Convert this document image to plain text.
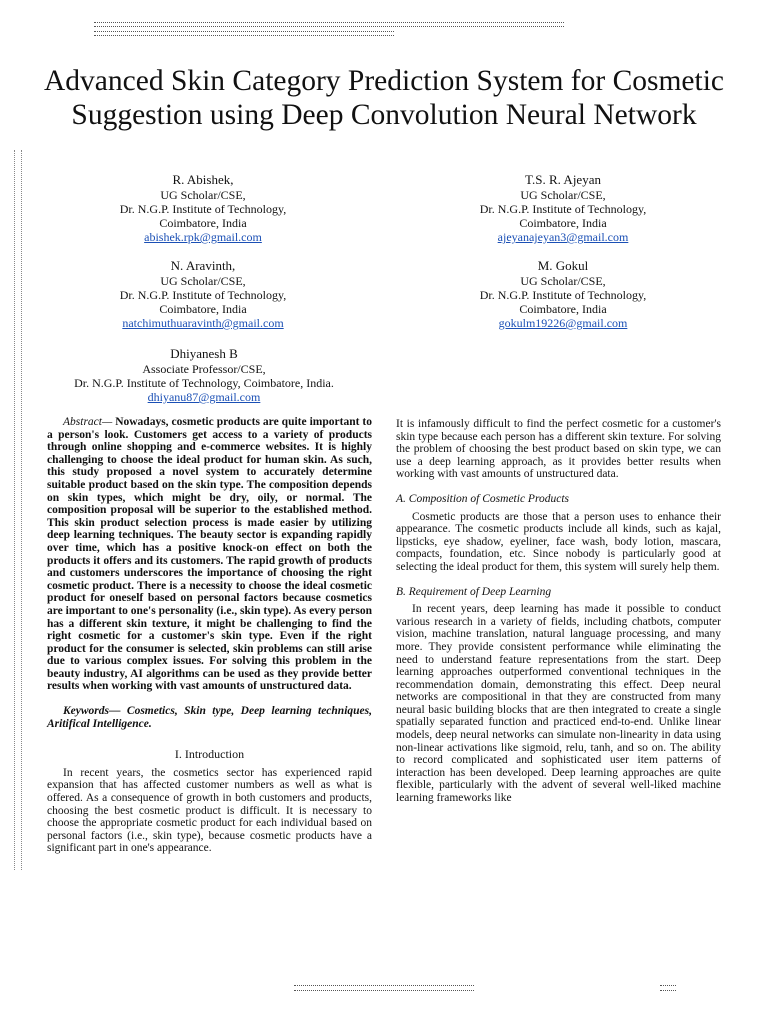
Advanced Skin Category Prediction System for Cosmetic Suggestion using Deep Convolution Neural Network
R. Abishek,
UG Scholar/CSE,
Dr. N.G.P. Institute of Technology,
Coimbatore, India
abishek.rpk@gmail.com
T.S. R. Ajeyan
UG Scholar/CSE,
Dr. N.G.P. Institute of Technology,
Coimbatore, India
ajeyanajeyan3@gmail.com
N. Aravinth,
UG Scholar/CSE,
Dr. N.G.P. Institute of Technology,
Coimbatore, India
natchimuthuaravinth@gmail.com
M. Gokul
UG Scholar/CSE,
Dr. N.G.P. Institute of Technology,
Coimbatore, India
gokulm19226@gmail.com
Dhiyanesh B
Associate Professor/CSE,
Dr. N.G.P. Institute of Technology, Coimbatore, India.
dhiyanu87@gmail.com

Abstract— Nowadays, cosmetic products are quite important to a person's look. Customers get access to a variety of products through online shopping and e-commerce websites. It is highly challenging to choose the ideal product for human skin. As such, this study proposed a novel system to accurately determine suitable product based on the skin type. The composition depends on skin types, which might be dry, oily, or normal. The composition proposal will be superior to the established method. This skin product selection process is made easier by utilizing deep learning techniques. The beauty sector is expanding rapidly over time, which has a positive knock-on effect on both the products it offers and its customers. The rapid growth of products and customers underscores the importance of choosing the right cosmetic product. There is a necessity to choose the ideal cosmetic product for oneself based on personal factors because cosmetics are important to one's personality (i.e., skin type). As every person has a different skin texture, it might be challenging to find the right cosmetic for a customer's skin type. Even if the right product for the consumer is selected, skin problems can still arise due to various complex issues. For solving this problem in the beauty industry, AI algorithms can be used as they provide better results when working with vast amounts of unstructured data.

Keywords— Cosmetics, Skin type, Deep learning techniques, Aritifical Intelligence.

I. Introduction

In recent years, the cosmetics sector has experienced rapid expansion that has affected customer numbers as well as what is offered. As a consequence of growth in both customers and products, choosing the best cosmetic product is difficult. It is necessary to choose the appropriate cosmetic product for each individual based on personal factors (i.e., skin type), because cosmetic products have a significant part in one's appearance.

It is infamously difficult to find the perfect cosmetic for a customer's skin type because each person has a different skin texture. For solving the problem of choosing the best product based on skin type, we can use a deep learning approach, as it provides better results when working with vast amounts of unstructured data.

A. Composition of Cosmetic Products

Cosmetic products are those that a person uses to enhance their appearance. The cosmetic products include all kinds, such as kajal, lipsticks, eye shadow, eyeliner, face wash, body lotion, mascara, compacts, foundation, etc. Since nobody is particularly good at selecting the ideal product for them, this system will surely help them.

B. Requirement of Deep Learning

In recent years, deep learning has made it possible to conduct various research in a variety of fields, including chatbots, computer vision, machine translation, natural language processing, and many more. They provide consistent performance while eliminating the need to understand feature representations from the start. Deep learning approaches outperformed conventional techniques in the recommendation domain, demonstrating this effect. Deep neural networks are compositional in that they are constructed from many neural basic building blocks that are then integrated to create a single spatially separated function and practiced end-to-end. Unlike linear models, deep neural networks can simulate non-linearity in data using non-linear activations like sigmoid, relu, tanh, and so on. The ability to record complicated and sophisticated user item patterns of interaction has been developed. Deep learning approaches are quite flexible, particularly with the advent of several well-liked machine learning frameworks like
